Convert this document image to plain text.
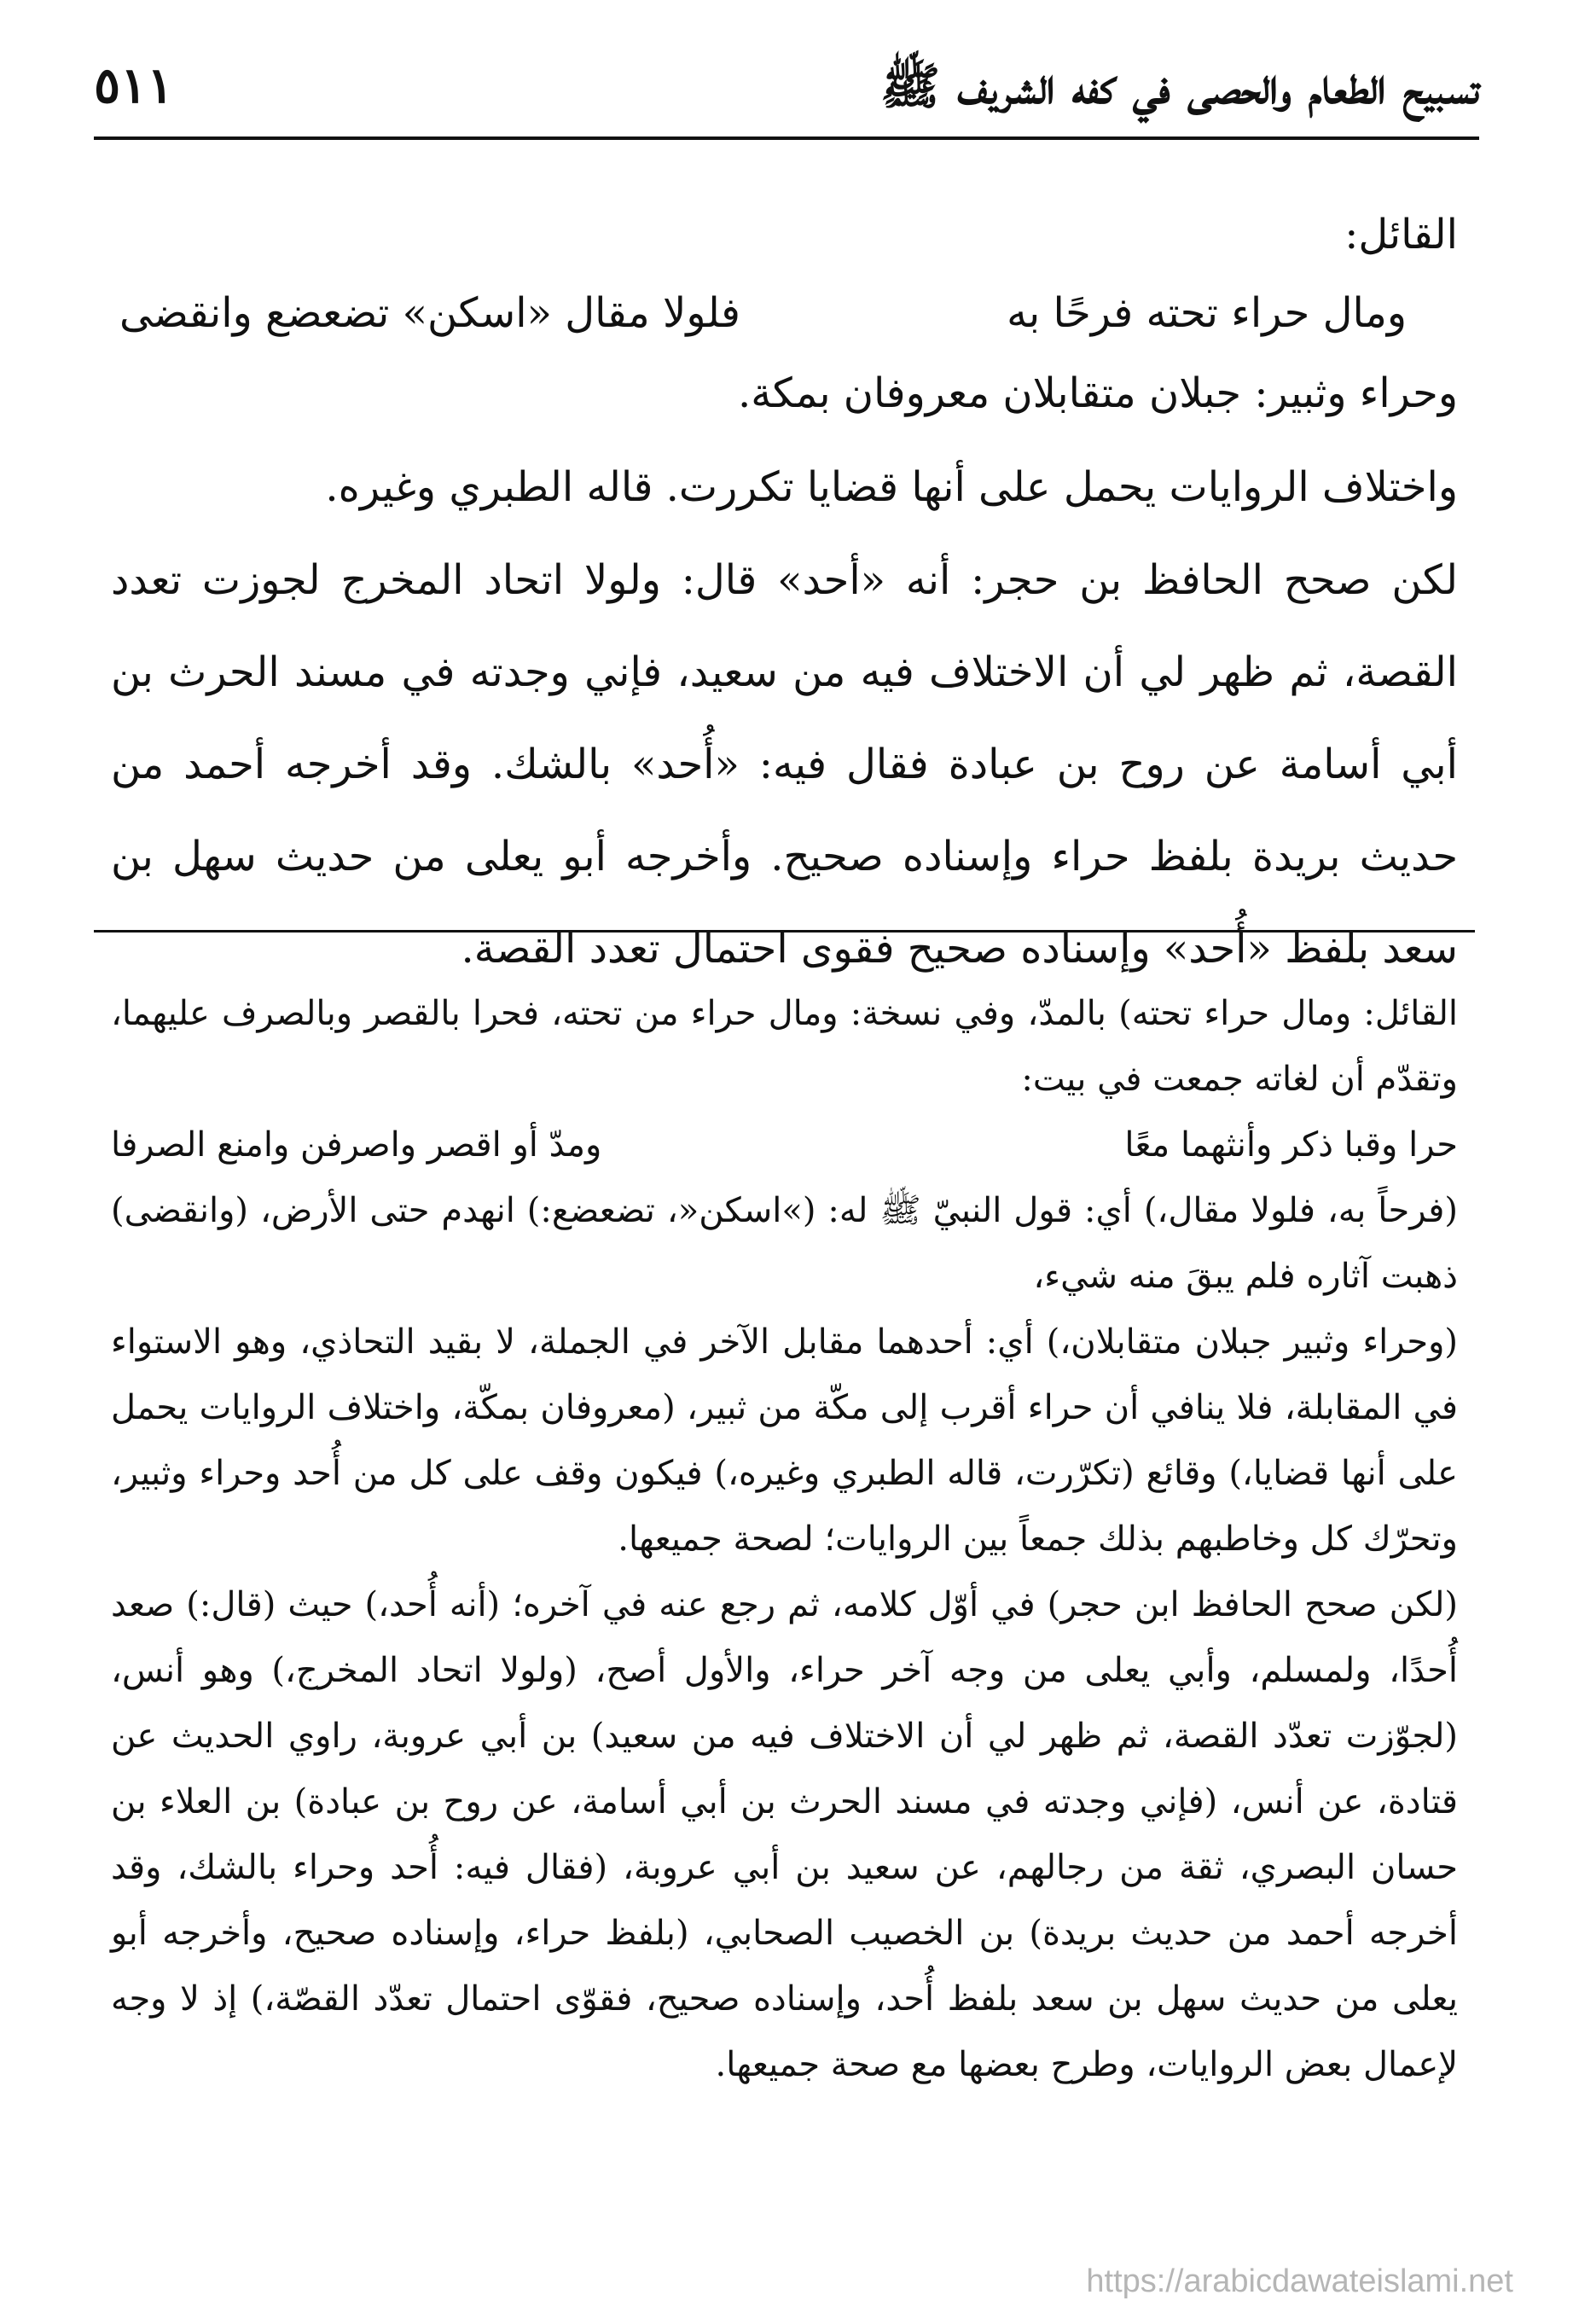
تسبيح الطعام والحصى في كفه الشريف ﷺ
٥١١
القائل:
ومال حراء تحته فرحًا به
فلولا مقال «اسكن» تضعضع وانقضى

وحراء وثبير: جبلان متقابلان معروفان بمكة.

واختلاف الروايات يحمل على أنها قضايا تكررت. قاله الطبري وغيره.

لكن صحح الحافظ بن حجر: أنه «أحد» قال: ولولا اتحاد المخرج لجوزت تعدد القصة، ثم ظهر لي أن الاختلاف فيه من سعيد، فإني وجدته في مسند الحرث بن أبي أسامة عن روح بن عبادة فقال فيه: «أُحد» بالشك. وقد أخرجه أحمد من حديث بريدة بلفظ حراء وإسناده صحيح. وأخرجه أبو يعلى من حديث سهل بن سعد بلفظ «أُحد» وإسناده صحيح فقوى احتمال تعدد القصة.

القائل: ومال حراء تحته) بالمدّ، وفي نسخة: ومال حراء من تحته، فحرا بالقصر وبالصرف عليهما، وتقدّم أن لغاته جمعت في بيت:

حرا وقبا ذكر وأنثهما معًا
ومدّ أو اقصر واصرفن وامنع الصرفا

(فرحاً به، فلولا مقال،) أي: قول النبيّ ﷺ له: (»اسكن«، تضعضع:) انهدم حتى الأرض، (وانقضى) ذهبت آثاره فلم يبقَ منه شيء،

(وحراء وثبير جبلان متقابلان،) أي: أحدهما مقابل الآخر في الجملة، لا بقيد التحاذي، وهو الاستواء في المقابلة، فلا ينافي أن حراء أقرب إلى مكّة من ثبير، (معروفان بمكّة، واختلاف الروايات يحمل على أنها قضايا،) وقائع (تكرّرت، قاله الطبري وغيره،) فيكون وقف على كل من أُحد وحراء وثبير، وتحرّك كل وخاطبهم بذلك جمعاً بين الروايات؛ لصحة جميعها.

(لكن صحح الحافظ ابن حجر) في أوّل كلامه، ثم رجع عنه في آخره؛ (أنه أُحد،) حيث (قال:) صعد أُحدًا، ولمسلم، وأبي يعلى من وجه آخر حراء، والأول أصح، (ولولا اتحاد المخرج،) وهو أنس، (لجوّزت تعدّد القصة، ثم ظهر لي أن الاختلاف فيه من سعيد) بن أبي عروبة، راوي الحديث عن قتادة، عن أنس، (فإني وجدته في مسند الحرث بن أبي أسامة، عن روح بن عبادة) بن العلاء بن حسان البصري، ثقة من رجالهم، عن سعيد بن أبي عروبة، (فقال فيه: أُحد وحراء بالشك، وقد أخرجه أحمد من حديث بريدة) بن الخصيب الصحابي، (بلفظ حراء، وإسناده صحيح، وأخرجه أبو يعلى من حديث سهل بن سعد بلفظ أُحد، وإسناده صحيح، فقوّى احتمال تعدّد القصّة،) إذ لا وجه لإعمال بعض الروايات، وطرح بعضها مع صحة جميعها.

https://arabicdawateislami.net
